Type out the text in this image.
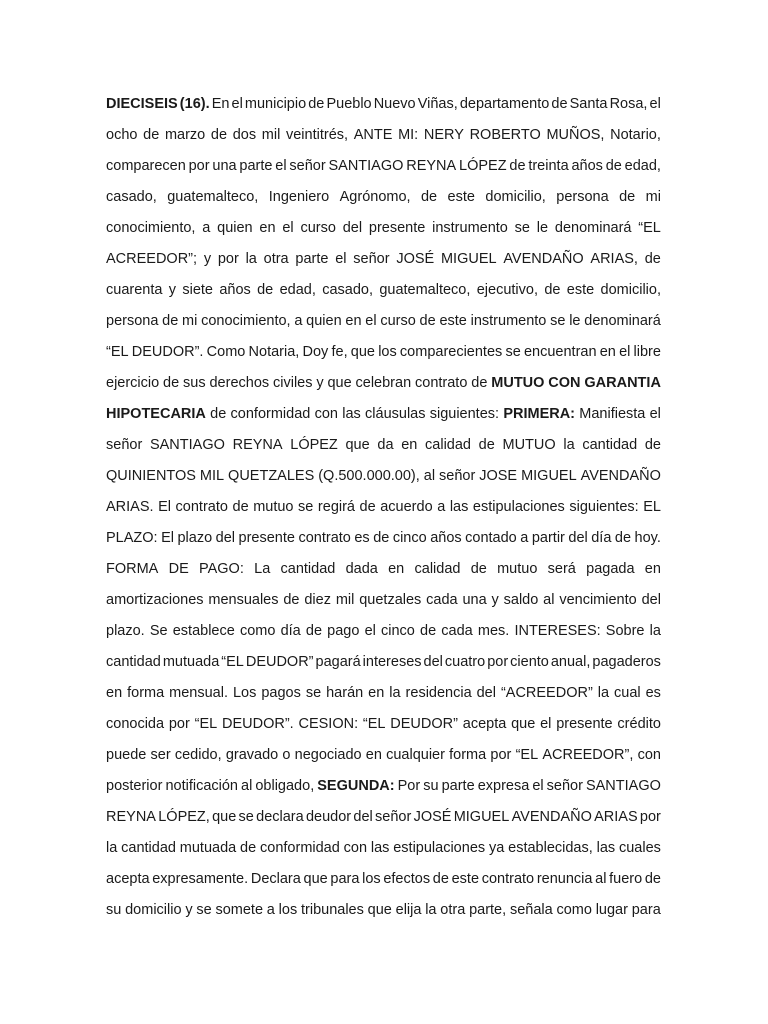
DIECISEIS (16). En el municipio de Pueblo Nuevo Viñas, departamento de Santa Rosa, el
ocho de marzo de dos mil veintitrés, ANTE MI: NERY ROBERTO MUÑOS, Notario,
comparecen por una parte el señor SANTIAGO REYNA LÓPEZ de treinta años de edad,
casado, guatemalteco, Ingeniero Agrónomo, de este domicilio, persona de mi
conocimiento, a quien en el curso del presente instrumento se le denominará “EL
ACREEDOR”; y por la otra parte el señor JOSÉ MIGUEL AVENDAÑO ARIAS, de
cuarenta y siete años de edad, casado, guatemalteco, ejecutivo, de este domicilio,
persona de mi conocimiento, a quien en el curso de este instrumento se le denominará
“EL DEUDOR”. Como Notaria, Doy fe, que los comparecientes se encuentran en el libre
ejercicio de sus derechos civiles y que celebran contrato de MUTUO CON GARANTIA
HIPOTECARIA de conformidad con las cláusulas siguientes: PRIMERA: Manifiesta el
señor SANTIAGO REYNA LÓPEZ que da en calidad de MUTUO la cantidad de
QUINIENTOS MIL QUETZALES (Q.500.000.00), al señor JOSE MIGUEL AVENDAÑO
ARIAS. El contrato de mutuo se regirá de acuerdo a las estipulaciones siguientes: EL
PLAZO: El plazo del presente contrato es de cinco años contado a partir del día de hoy.
FORMA DE PAGO: La cantidad dada en calidad de mutuo será pagada en
amortizaciones mensuales de diez mil quetzales cada una y saldo al vencimiento del
plazo. Se establece como día de pago el cinco de cada mes. INTERESES: Sobre la
cantidad mutuada “EL DEUDOR” pagará intereses del cuatro por ciento anual, pagaderos
en forma mensual. Los pagos se harán en la residencia del “ACREEDOR” la cual es
conocida por “EL DEUDOR”. CESION: “EL DEUDOR” acepta que el presente crédito
puede ser cedido, gravado o negociado en cualquier forma por “EL ACREEDOR”, con
posterior notificación al obligado, SEGUNDA: Por su parte expresa el señor SANTIAGO
REYNA LÓPEZ, que se declara deudor del señor JOSÉ MIGUEL AVENDAÑO ARIAS por
la cantidad mutuada de conformidad con las estipulaciones ya establecidas, las cuales
acepta expresamente. Declara que para los efectos de este contrato renuncia al fuero de
su domicilio y se somete a los tribunales que elija la otra parte, señala como lugar para
